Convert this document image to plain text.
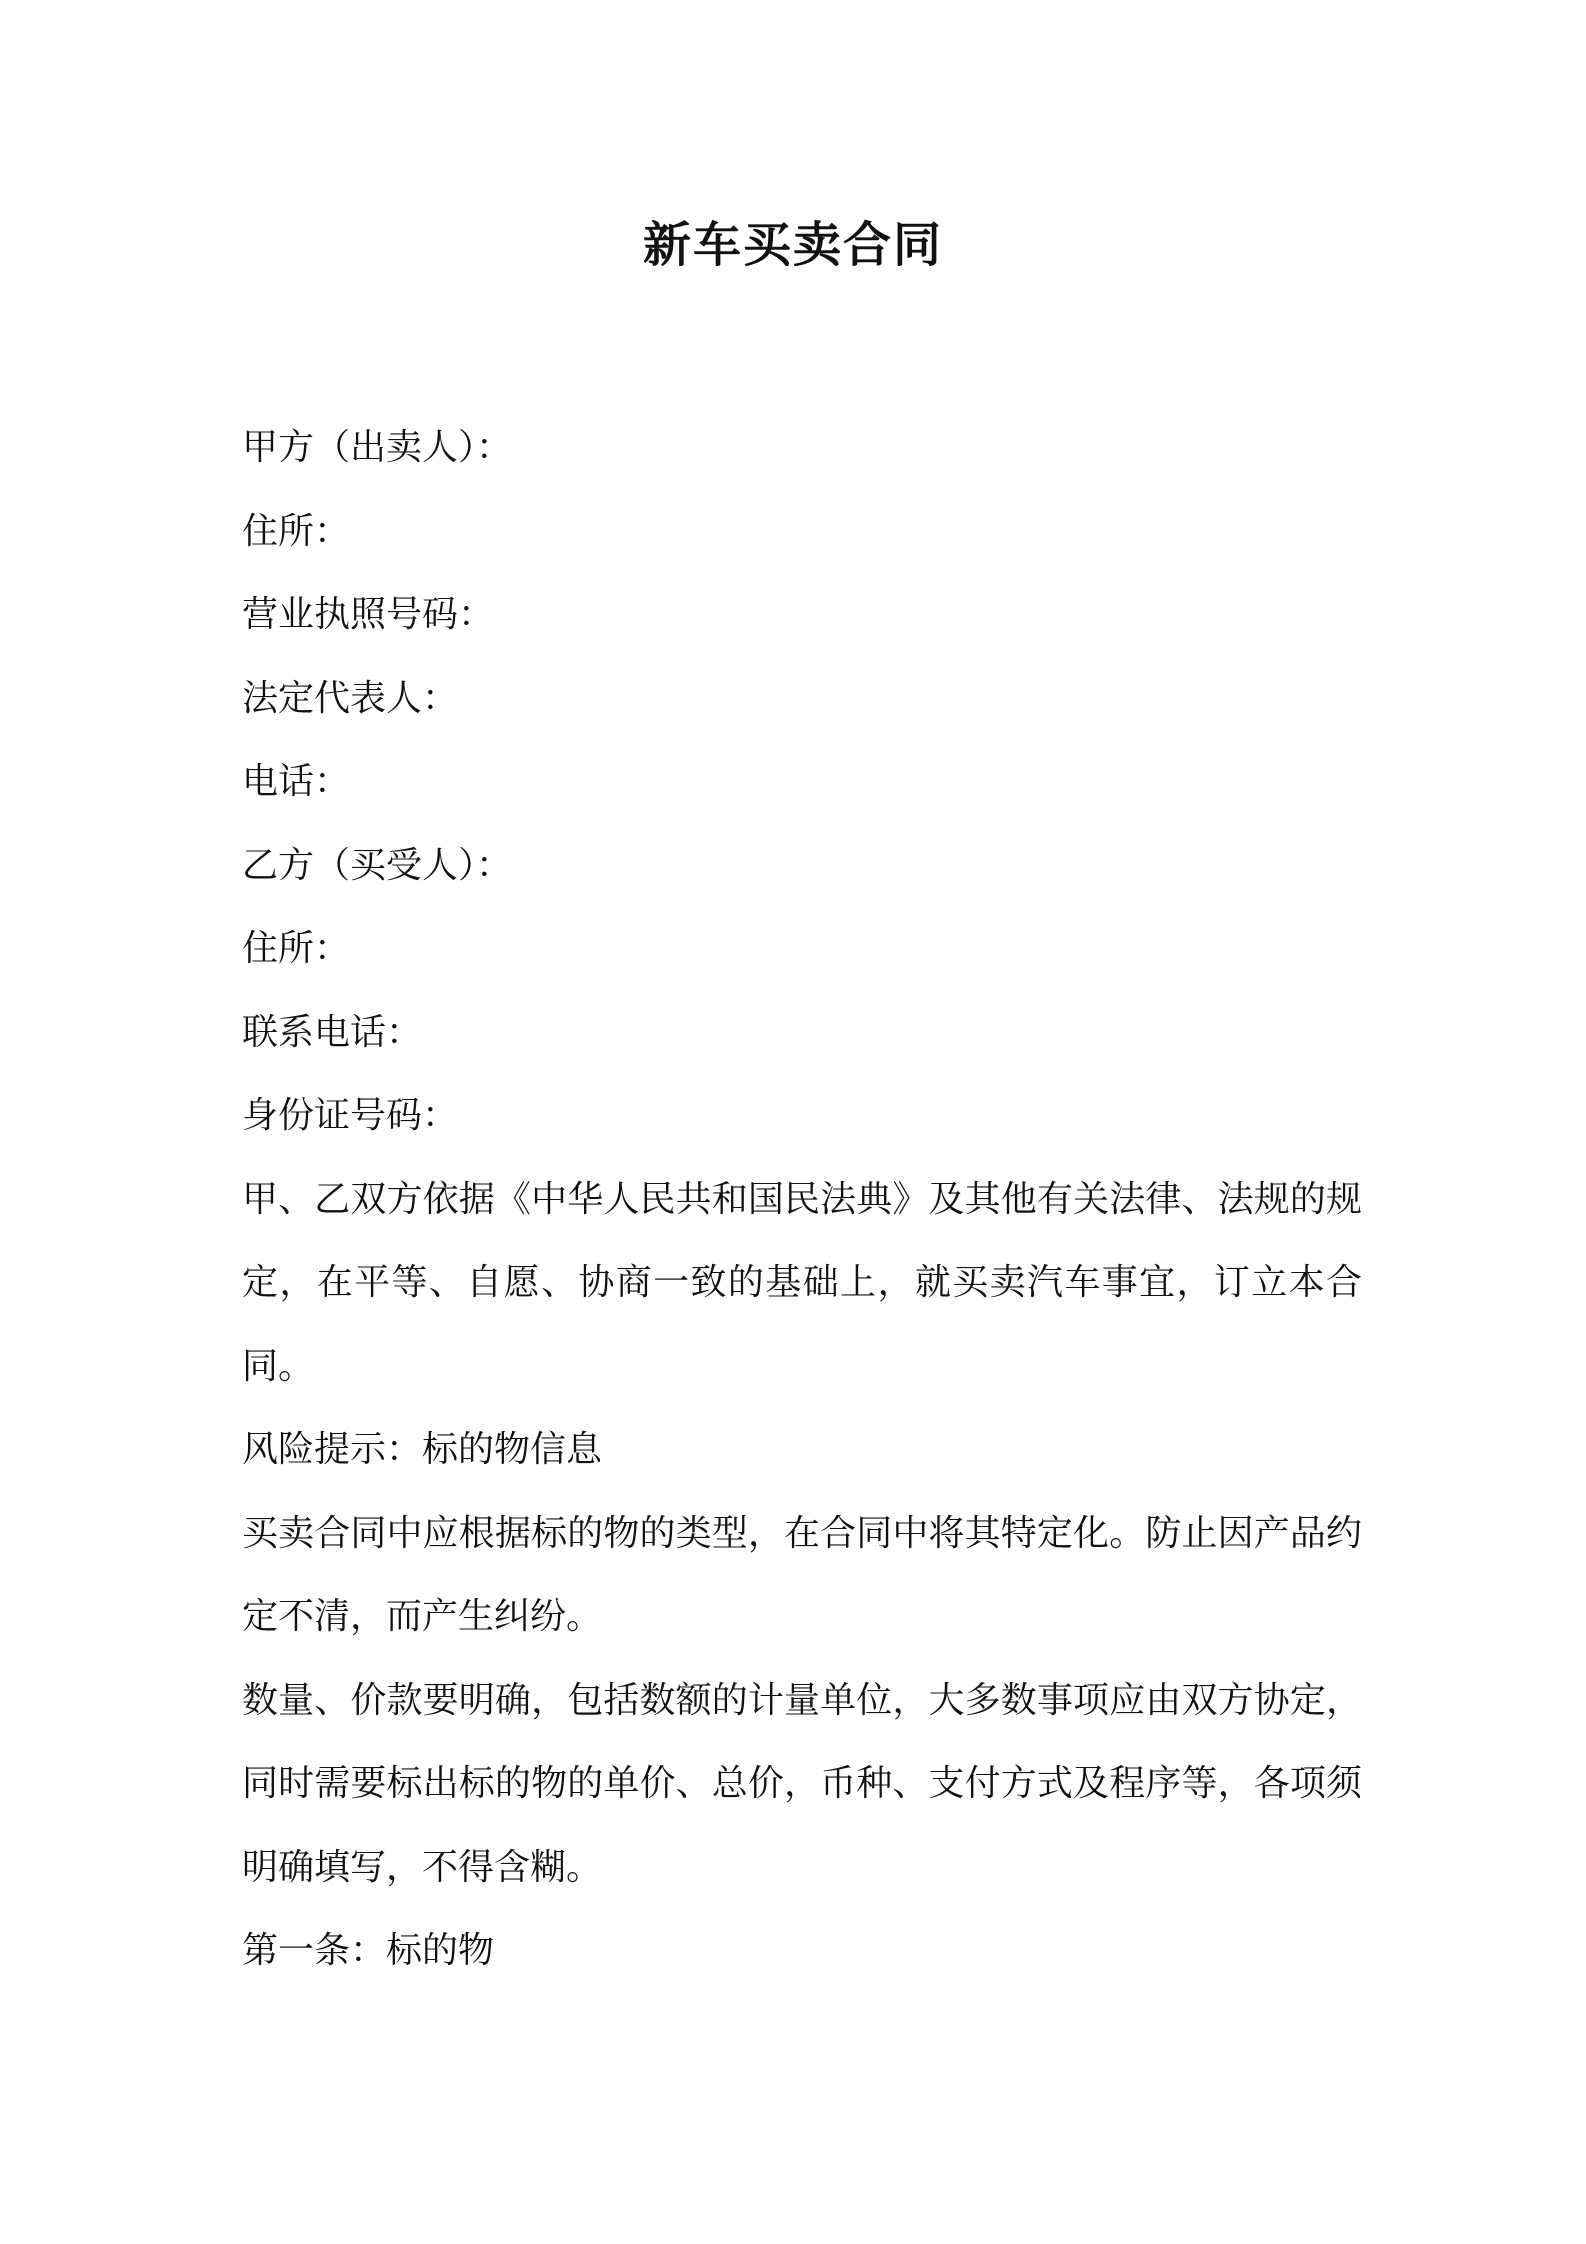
新车买卖合同
甲方（出卖人）：
住所：
营业执照号码：
法定代表人：
电话：
乙方（买受人）：
住所：
联系电话：
身份证号码：

甲、乙双方依据《中华人民共和国民法典》及其他有关法律、法规的规定，在平等、自愿、协商一致的基础上，就买卖汽车事宜，订立本合同。

风险提示：标的物信息

买卖合同中应根据标的物的类型，在合同中将其特定化。防止因产品约定不清，而产生纠纷。

数量、价款要明确，包括数额的计量单位，大多数事项应由双方协定，同时需要标出标的物的单价、总价，币种、支付方式及程序等，各项须明确填写，不得含糊。

第一条：标的物
